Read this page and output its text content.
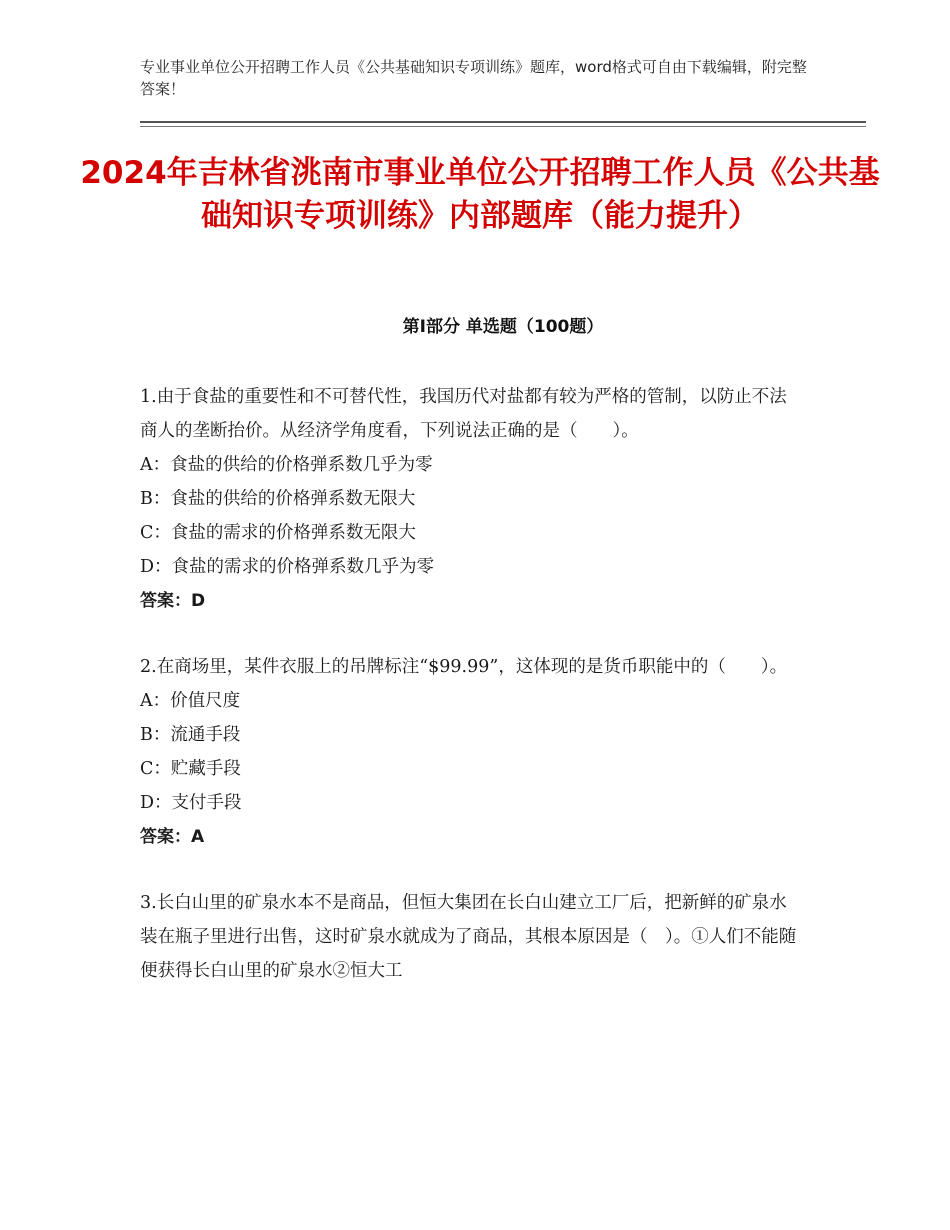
专业事业单位公开招聘工作人员《公共基础知识专项训练》题库，word格式可自由下载编辑，附完整答案！
2024年吉林省洮南市事业单位公开招聘工作人员《公共基础知识专项训练》内部题库（能力提升）
第Ⅰ部分 单选题（100题）

1.由于食盐的重要性和不可替代性，我国历代对盐都有较为严格的管制，以防止不法商人的垄断抬价。从经济学角度看，下列说法正确的是（　　）。

A：食盐的供给的价格弹系数几乎为零

B：食盐的供给的价格弹系数无限大

C：食盐的需求的价格弹系数无限大

D：食盐的需求的价格弹系数几乎为零

答案：D

2.在商场里，某件衣服上的吊牌标注“$99.99”，这体现的是货币职能中的（　　）。

A：价值尺度

B：流通手段

C：贮藏手段

D：支付手段

答案：A

3.长白山里的矿泉水本不是商品，但恒大集团在长白山建立工厂后，把新鲜的矿泉水装在瓶子里进行出售，这时矿泉水就成为了商品，其根本原因是（　）。①人们不能随便获得长白山里的矿泉水②恒大工
